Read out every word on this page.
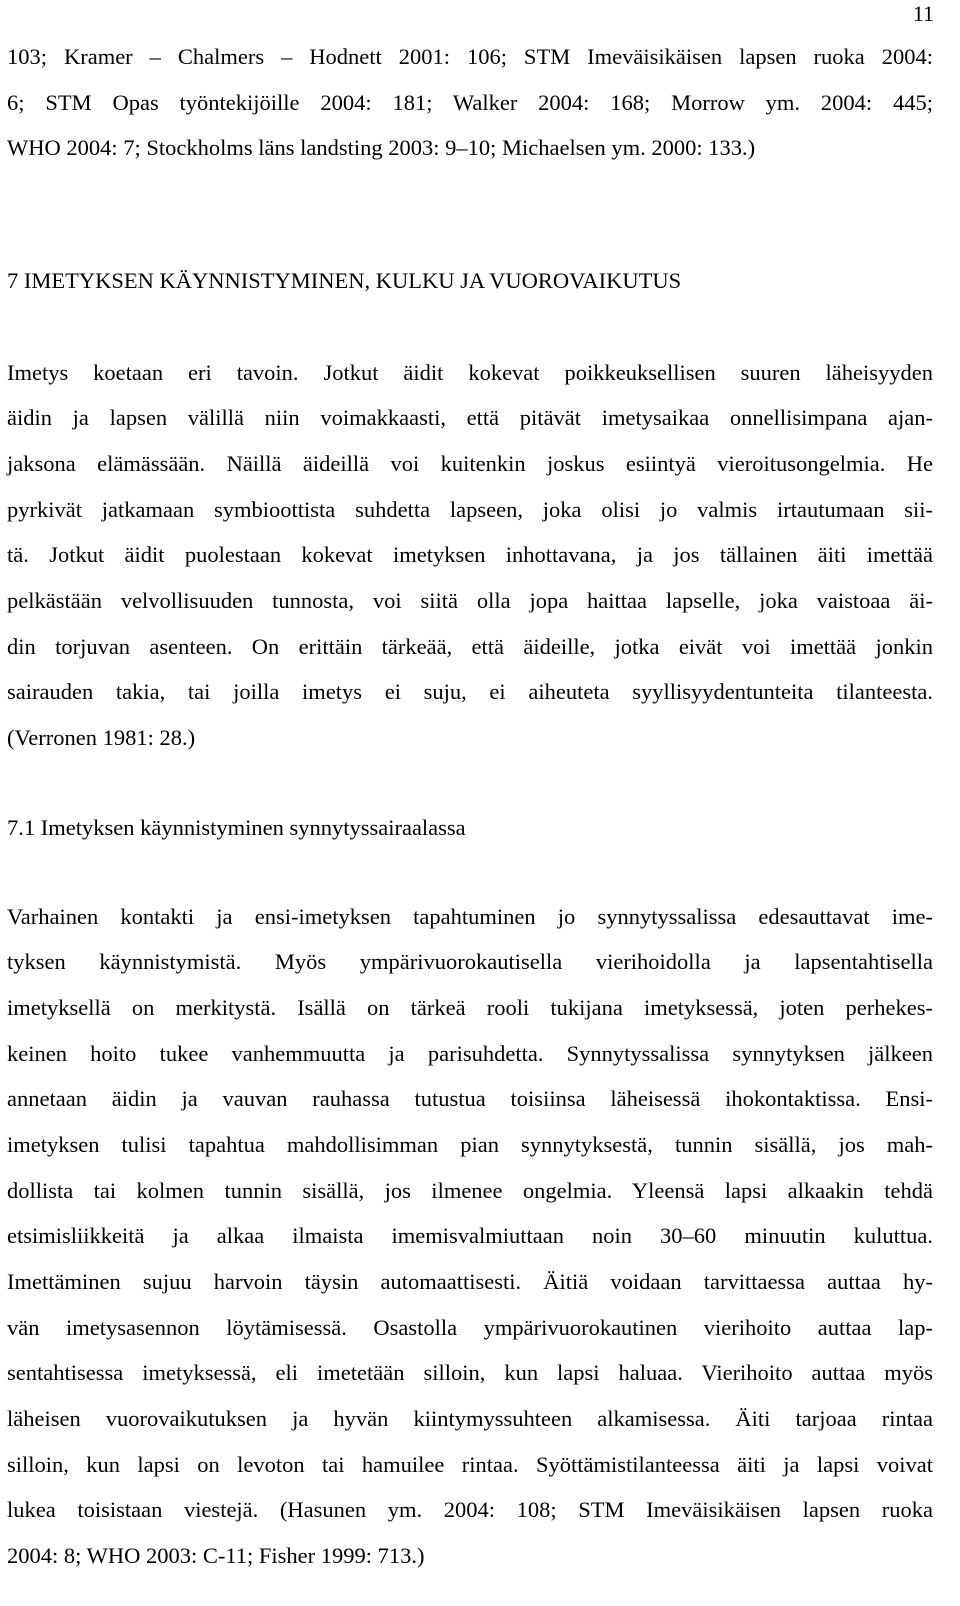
11
103; Kramer – Chalmers – Hodnett 2001: 106; STM Imeväisikäisen lapsen ruoka 2004:
6; STM Opas työntekijöille 2004: 181; Walker 2004: 168; Morrow ym. 2004: 445;
WHO 2004: 7; Stockholms läns landsting 2003: 9–10; Michaelsen ym. 2000: 133.)
7 IMETYKSEN KÄYNNISTYMINEN, KULKU JA VUOROVAIKUTUS
Imetys koetaan eri tavoin. Jotkut äidit kokevat poikkeuksellisen suuren läheisyyden
äidin ja lapsen välillä niin voimakkaasti, että pitävät imetysaikaa onnellisimpana ajan-
jaksona elämässään. Näillä äideillä voi kuitenkin joskus esiintyä vieroitusongelmia. He
pyrkivät jatkamaan symbioottista suhdetta lapseen, joka olisi jo valmis irtautumaan sii-
tä. Jotkut äidit puolestaan kokevat imetyksen inhottavana, ja jos tällainen äiti imettää
pelkästään velvollisuuden tunnosta, voi siitä olla jopa haittaa lapselle, joka vaistoaa äi-
din torjuvan asenteen. On erittäin tärkeää, että äideille, jotka eivät voi imettää jonkin
sairauden takia, tai joilla imetys ei suju, ei aiheuteta syyllisyydentunteita tilanteesta.
(Verronen 1981: 28.)
7.1 Imetyksen käynnistyminen synnytyssairaalassa
Varhainen kontakti ja ensi-imetyksen tapahtuminen jo synnytyssalissa edesauttavat ime-
tyksen käynnistymistä. Myös ympärivuorokautisella vierihoidolla ja lapsentahtisella
imetyksellä on merkitystä. Isällä on tärkeä rooli tukijana imetyksessä, joten perhekes-
keinen hoito tukee vanhemmuutta ja parisuhdetta. Synnytyssalissa synnytyksen jälkeen
annetaan äidin ja vauvan rauhassa tutustua toisiinsa läheisessä ihokontaktissa. Ensi-
imetyksen tulisi tapahtua mahdollisimman pian synnytyksestä, tunnin sisällä, jos mah-
dollista tai kolmen tunnin sisällä, jos ilmenee ongelmia. Yleensä lapsi alkaakin tehdä
etsimisliikkeitä ja alkaa ilmaista imemisvalmiuttaan noin 30–60 minuutin kuluttua.
Imettäminen sujuu harvoin täysin automaattisesti. Äitiä voidaan tarvittaessa auttaa hy-
vän imetysasennon löytämisessä. Osastolla ympärivuorokautinen vierihoito auttaa lap-
sentahtisessa imetyksessä, eli imetetään silloin, kun lapsi haluaa. Vierihoito auttaa myös
läheisen vuorovaikutuksen ja hyvän kiintymyssuhteen alkamisessa. Äiti tarjoaa rintaa
silloin, kun lapsi on levoton tai hamuilee rintaa. Syöttämistilanteessa äiti ja lapsi voivat
lukea toisistaan viestejä. (Hasunen ym. 2004: 108; STM Imeväisikäisen lapsen ruoka
2004: 8; WHO 2003: C-11; Fisher 1999: 713.)
